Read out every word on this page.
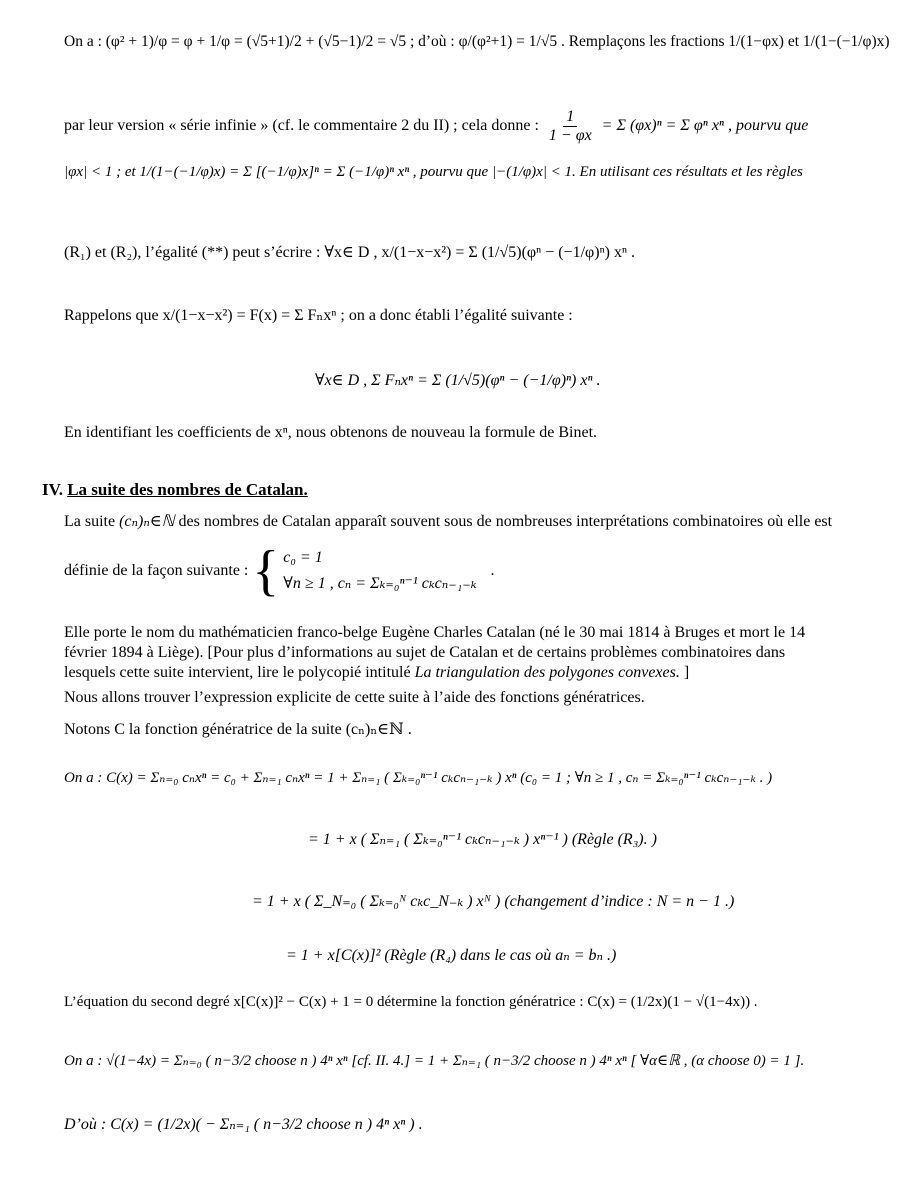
On a : (φ² + 1)/φ = φ + 1/φ = (√5+1)/2 + (√5−1)/2 = √5 ; d’où : φ/(φ²+1) = 1/√5 . Remplaçons les fractions 1/(1−φx) et 1/(1−(−1/φ)x)
par leur version « série infinie » (cf. le commentaire 2 du II) ; cela donne : $\frac{1}{1 - \varphi x} = \Sigma$ (φx)ⁿ = Σ φⁿ xⁿ , pourvu que
|φx| < 1 ; et 1/(1−(−1/φ)x) = Σ [(−1/φ)x]ⁿ = Σ (−1/φ)ⁿ xⁿ , pourvu que |−(1/φ)x| < 1. En utilisant ces résultats et les règles
(R₁) et (R₂), l’égalité (**) peut s’écrire : ∀x∈ D , x/(1−x−x²) = Σ (1/√5)(φⁿ − (−1/φ)ⁿ) xⁿ .
Rappelons que x/(1−x−x²) = F(x) = Σ Fₙxⁿ ; on a donc établi l’égalité suivante :
∀x∈ D , Σ Fₙxⁿ = Σ (1/√5)(φⁿ − (−1/φ)ⁿ) xⁿ .
En identifiant les coefficients de xⁿ, nous obtenons de nouveau la formule de Binet.
IV. La suite des nombres de Catalan.
La suite (cₙ)ₙ∈ℕ des nombres de Catalan apparaît souvent sous de nombreuses interprétations combinatoires où elle est
définie de la façon suivante : { c₀ = 1
∀n ≥ 1 , cₙ = Σₖ₌₀ⁿ⁻¹ cₖcₙ₋₁₋ₖ
.
Elle porte le nom du mathématicien franco-belge Eugène Charles Catalan (né le 30 mai 1814 à Bruges et mort le 14
février 1894 à Liège). [Pour plus d’informations au sujet de Catalan et de certains problèmes combinatoires dans
lesquels cette suite intervient, lire le polycopié intitulé La triangulation des polygones convexes. ]
Nous allons trouver l’expression explicite de cette suite à l’aide des fonctions génératrices.
Notons C la fonction génératrice de la suite (cₙ)ₙ∈ℕ .
On a : C(x) = Σₙ₌₀ cₙxⁿ = c₀ + Σₙ₌₁ cₙxⁿ = 1 + Σₙ₌₁ ( Σₖ₌₀ⁿ⁻¹ cₖcₙ₋₁₋ₖ ) xⁿ (c₀ = 1 ; ∀n ≥ 1 , cₙ = Σₖ₌₀ⁿ⁻¹ cₖcₙ₋₁₋ₖ . )
= 1 + x ( Σₙ₌₁ ( Σₖ₌₀ⁿ⁻¹ cₖcₙ₋₁₋ₖ ) xⁿ⁻¹ ) (Règle (R₃). )
= 1 + x ( Σ_N₌₀ ( Σₖ₌₀ᴺ cₖc_N₋ₖ ) xᴺ ) (changement d’indice : N = n − 1 .)
= 1 + x[C(x)]² (Règle (R₄) dans le cas où aₙ = bₙ .)
L’équation du second degré x[C(x)]² − C(x) + 1 = 0 détermine la fonction génératrice : C(x) = (1/2x)(1 − √(1−4x)) .
On a : √(1−4x) = Σₙ₌₀ ( n−3/2 choose n ) 4ⁿ xⁿ [cf. II. 4.] = 1 + Σₙ₌₁ ( n−3/2 choose n ) 4ⁿ xⁿ [ ∀α∈ℝ , (α choose 0) = 1 ].
D’où : C(x) = (1/2x)( − Σₙ₌₁ ( n−3/2 choose n ) 4ⁿ xⁿ ) .
